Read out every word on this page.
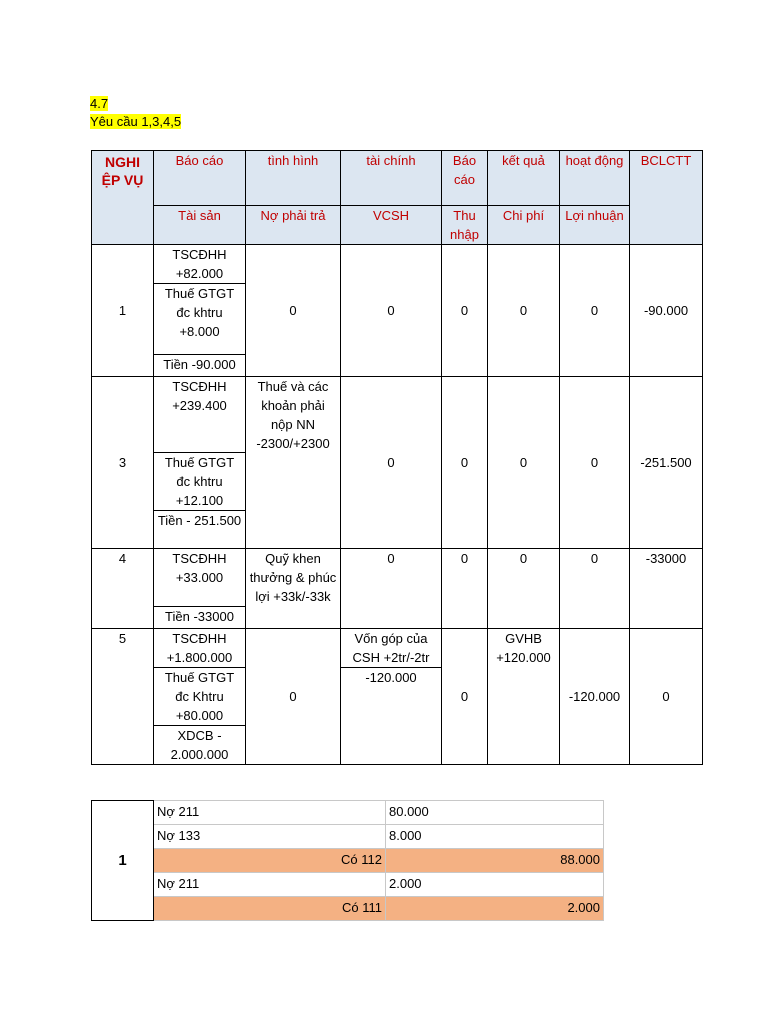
4.7
Yêu cầu 1,3,4,5
NGHI ỆP VỤ	Báo cáo	tình hình	tài chính	Báo cáo	kết quả	hoạt động	BCLCTT
	Tài sản	Nợ phải trả	VCSH	Thu nhập	Chi phí	Lợi nhuận	
1	TSCĐHH +82.000	0	0	0	0	0	-90.000
	Thuế GTGT đc khtru +8.000						
	Tiền -90.000						
3	TSCĐHH +239.400	Thuế và các khoản phải nộp NN -2300/+2300	0	0	0	0	-251.500
	Thuế GTGT đc khtru +12.100						
	Tiền - 251.500						
4	TSCĐHH +33.000	Quỹ khen thưởng & phúc lợi +33k/-33k	0	0	0	0	-33000
	Tiền -33000						
5	TSCĐHH +1.800.000	0	Vốn góp của CSH +2tr/-2tr	0	GVHB +120.000	-120.000	0
	Thuế GTGT đc Khtru +80.000		-120.000				
	XDCB - 2.000.000						
1	Nợ 211	80.000
	Nợ 133	8.000
	Có 112	88.000
	Nợ 211	2.000
	Có 111	2.000
